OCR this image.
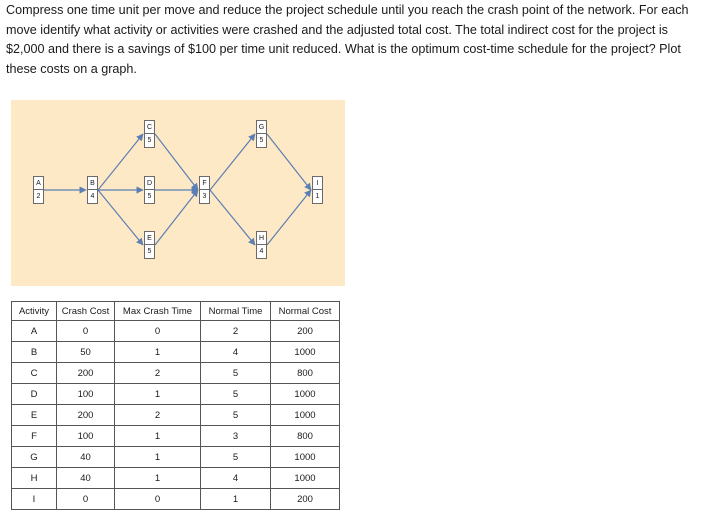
Compress one time unit per move and reduce the project schedule until you reach the crash point of the network. For each move identify what activity or activities were crashed and the adjusted total cost. The total indirect cost for the project is $2,000 and there is a savings of $100 per time unit reduced. What is the optimum cost-time schedule for the project? Plot these costs on a graph.

A
2
B
4
C
5
D
5
E
5
F
3
G
5
H
4
I
1
Activity	Crash Cost	Max Crash Time	Normal Time	Normal Cost
A	0	0	2	200
B	50	1	4	1000
C	200	2	5	800
D	100	1	5	1000
E	200	2	5	1000
F	100	1	3	800
G	40	1	5	1000
H	40	1	4	1000
I	0	0	1	200
